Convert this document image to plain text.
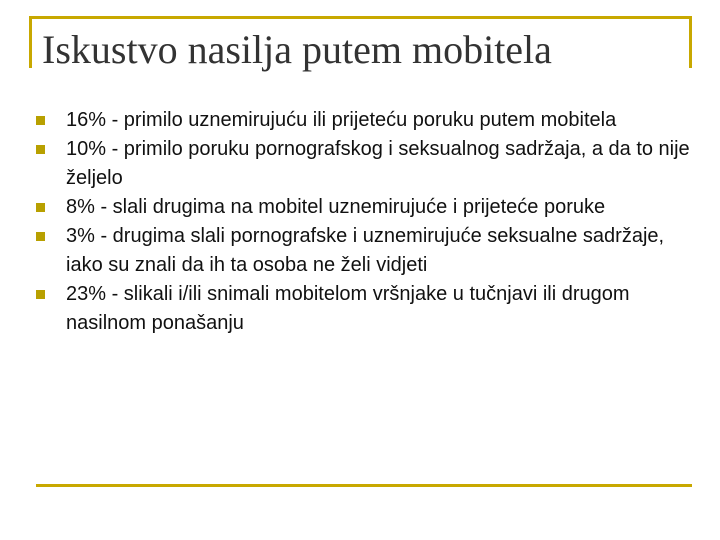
Iskustvo nasilja putem mobitela
16% - primilo uznemirujuću ili prijeteću poruku putem mobitela
10% - primilo poruku pornografskog i seksualnog sadržaja, a da to nije željelo
8% - slali drugima na mobitel uznemirujuće i prijeteće poruke
3% - drugima slali pornografske i uznemirujuće seksualne sadržaje, iako su znali da ih ta osoba ne želi vidjeti
23% - slikali i/ili snimali mobitelom vršnjake u tučnjavi ili drugom nasilnom ponašanju
